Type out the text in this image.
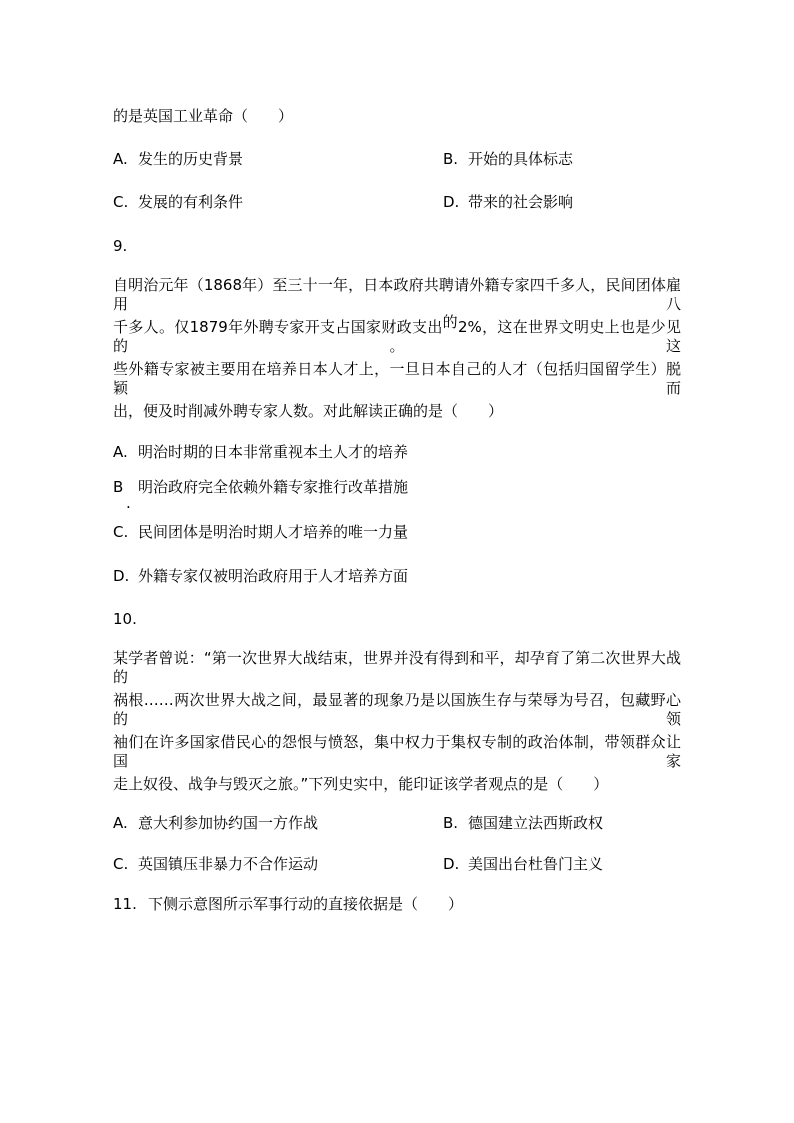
的是英国工业革命（　　）
A. 发生的历史背景	B. 开始的具体标志
C. 发展的有利条件	D. 带来的社会影响
9.
自明治元年（1868年）至三十一年，日本政府共聘请外籍专家四千多人，民间团体雇用八
千多人。仅1879年外聘专家开支占国家财政支出的2%，这在世界文明史上也是少见的。这
些外籍专家被主要用在培养日本人才上，一旦日本自己的人才（包括归国留学生）脱颖而
出，便及时削减外聘专家人数。对此解读正确的是（　　）
A. 明治时期的日本非常重视本土人才的培养
B 明治政府完全依赖外籍专家推行改革措施
.
C. 民间团体是明治时期人才培养的唯一力量
D. 外籍专家仅被明治政府用于人才培养方面
10.
某学者曾说：“第一次世界大战结束，世界并没有得到和平，却孕育了第二次世界大战的
祸根……两次世界大战之间，最显著的现象乃是以国族生存与荣辱为号召，包藏野心的领
袖们在许多国家借民心的怨恨与愤怒，集中权力于集权专制的政治体制，带领群众让国家
走上奴役、战争与毁灭之旅。”下列史实中，能印证该学者观点的是（　　）
A. 意大利参加协约国一方作战	B. 德国建立法西斯政权
C. 英国镇压非暴力不合作运动	D. 美国出台杜鲁门主义
11. 下侧示意图所示军事行动的直接依据是（　　）
